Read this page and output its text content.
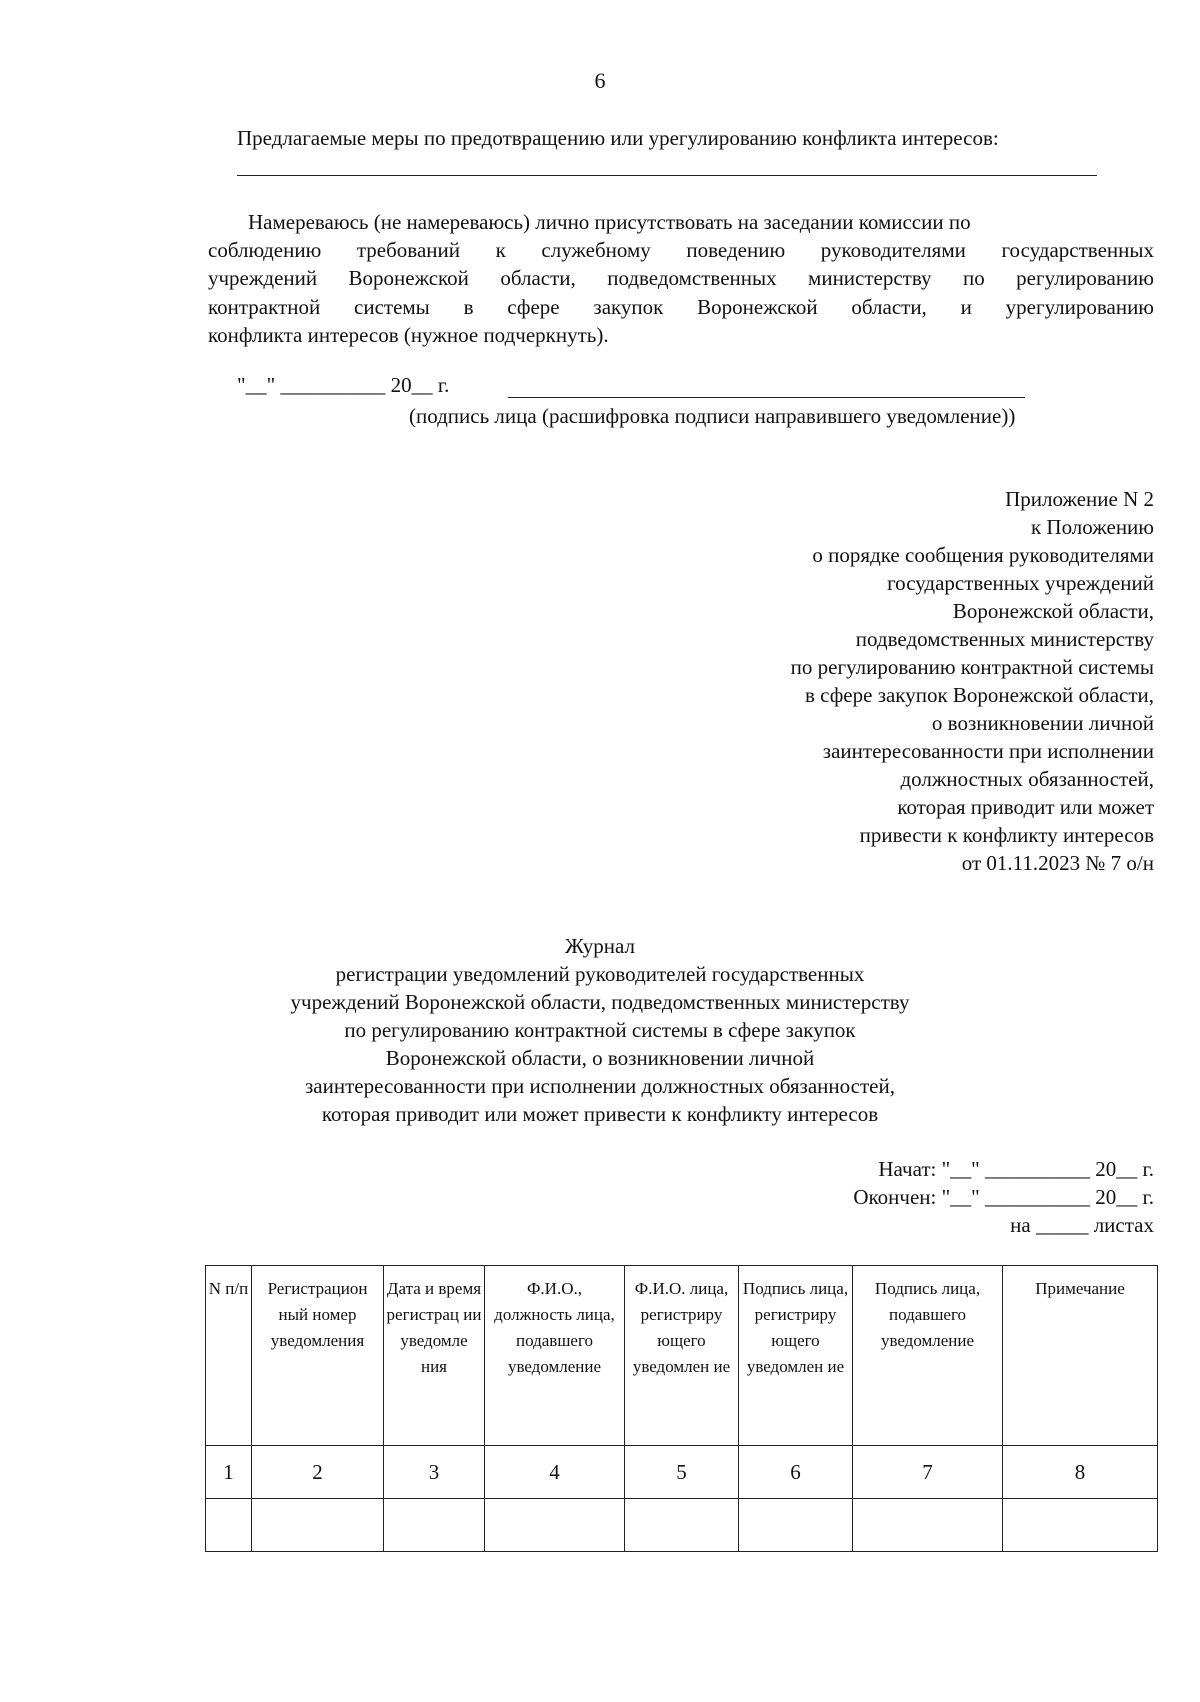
6
Предлагаемые меры по предотвращению или урегулированию конфликта интересов:
Намереваюсь (не намереваюсь) лично присутствовать на заседании комиссии по
соблюдению требований к служебному поведению руководителями государственных
учреждений Воронежской области, подведомственных министерству по регулированию
контрактной системы в сфере закупок Воронежской области, и урегулированию
конфликта интересов (нужное подчеркнуть).
"__" __________ 20__ г.
(подпись лица (расшифровка подписи направившего уведомление))
Приложение N 2
к Положению
о порядке сообщения руководителями
государственных учреждений
Воронежской области,
подведомственных министерству
по регулированию контрактной системы
в сфере закупок Воронежской области,
о возникновении личной
заинтересованности при исполнении
должностных обязанностей,
которая приводит или может
привести к конфликту интересов
от 01.11.2023 № 7 о/н
Журнал
регистрации уведомлений руководителей государственных
учреждений Воронежской области, подведомственных министерству
по регулированию контрактной системы в сфере закупок
Воронежской области, о возникновении личной
заинтересованности при исполнении должностных обязанностей,
которая приводит или может привести к конфликту интересов
Начат: "__" __________ 20__ г.
Окончен: "__" __________ 20__ г.
на _____ листах
N п/п	Регистрацион ный номер уведомления	Дата и время регистрац ии уведомле ния	Ф.И.О., должность лица, подавшего уведомление	Ф.И.О. лица, регистриру ющего уведомлен ие	Подпись лица, регистриру ющего уведомлен ие	Подпись лица, подавшего уведомление	Примечание
1	2	3	4	5	6	7	8
